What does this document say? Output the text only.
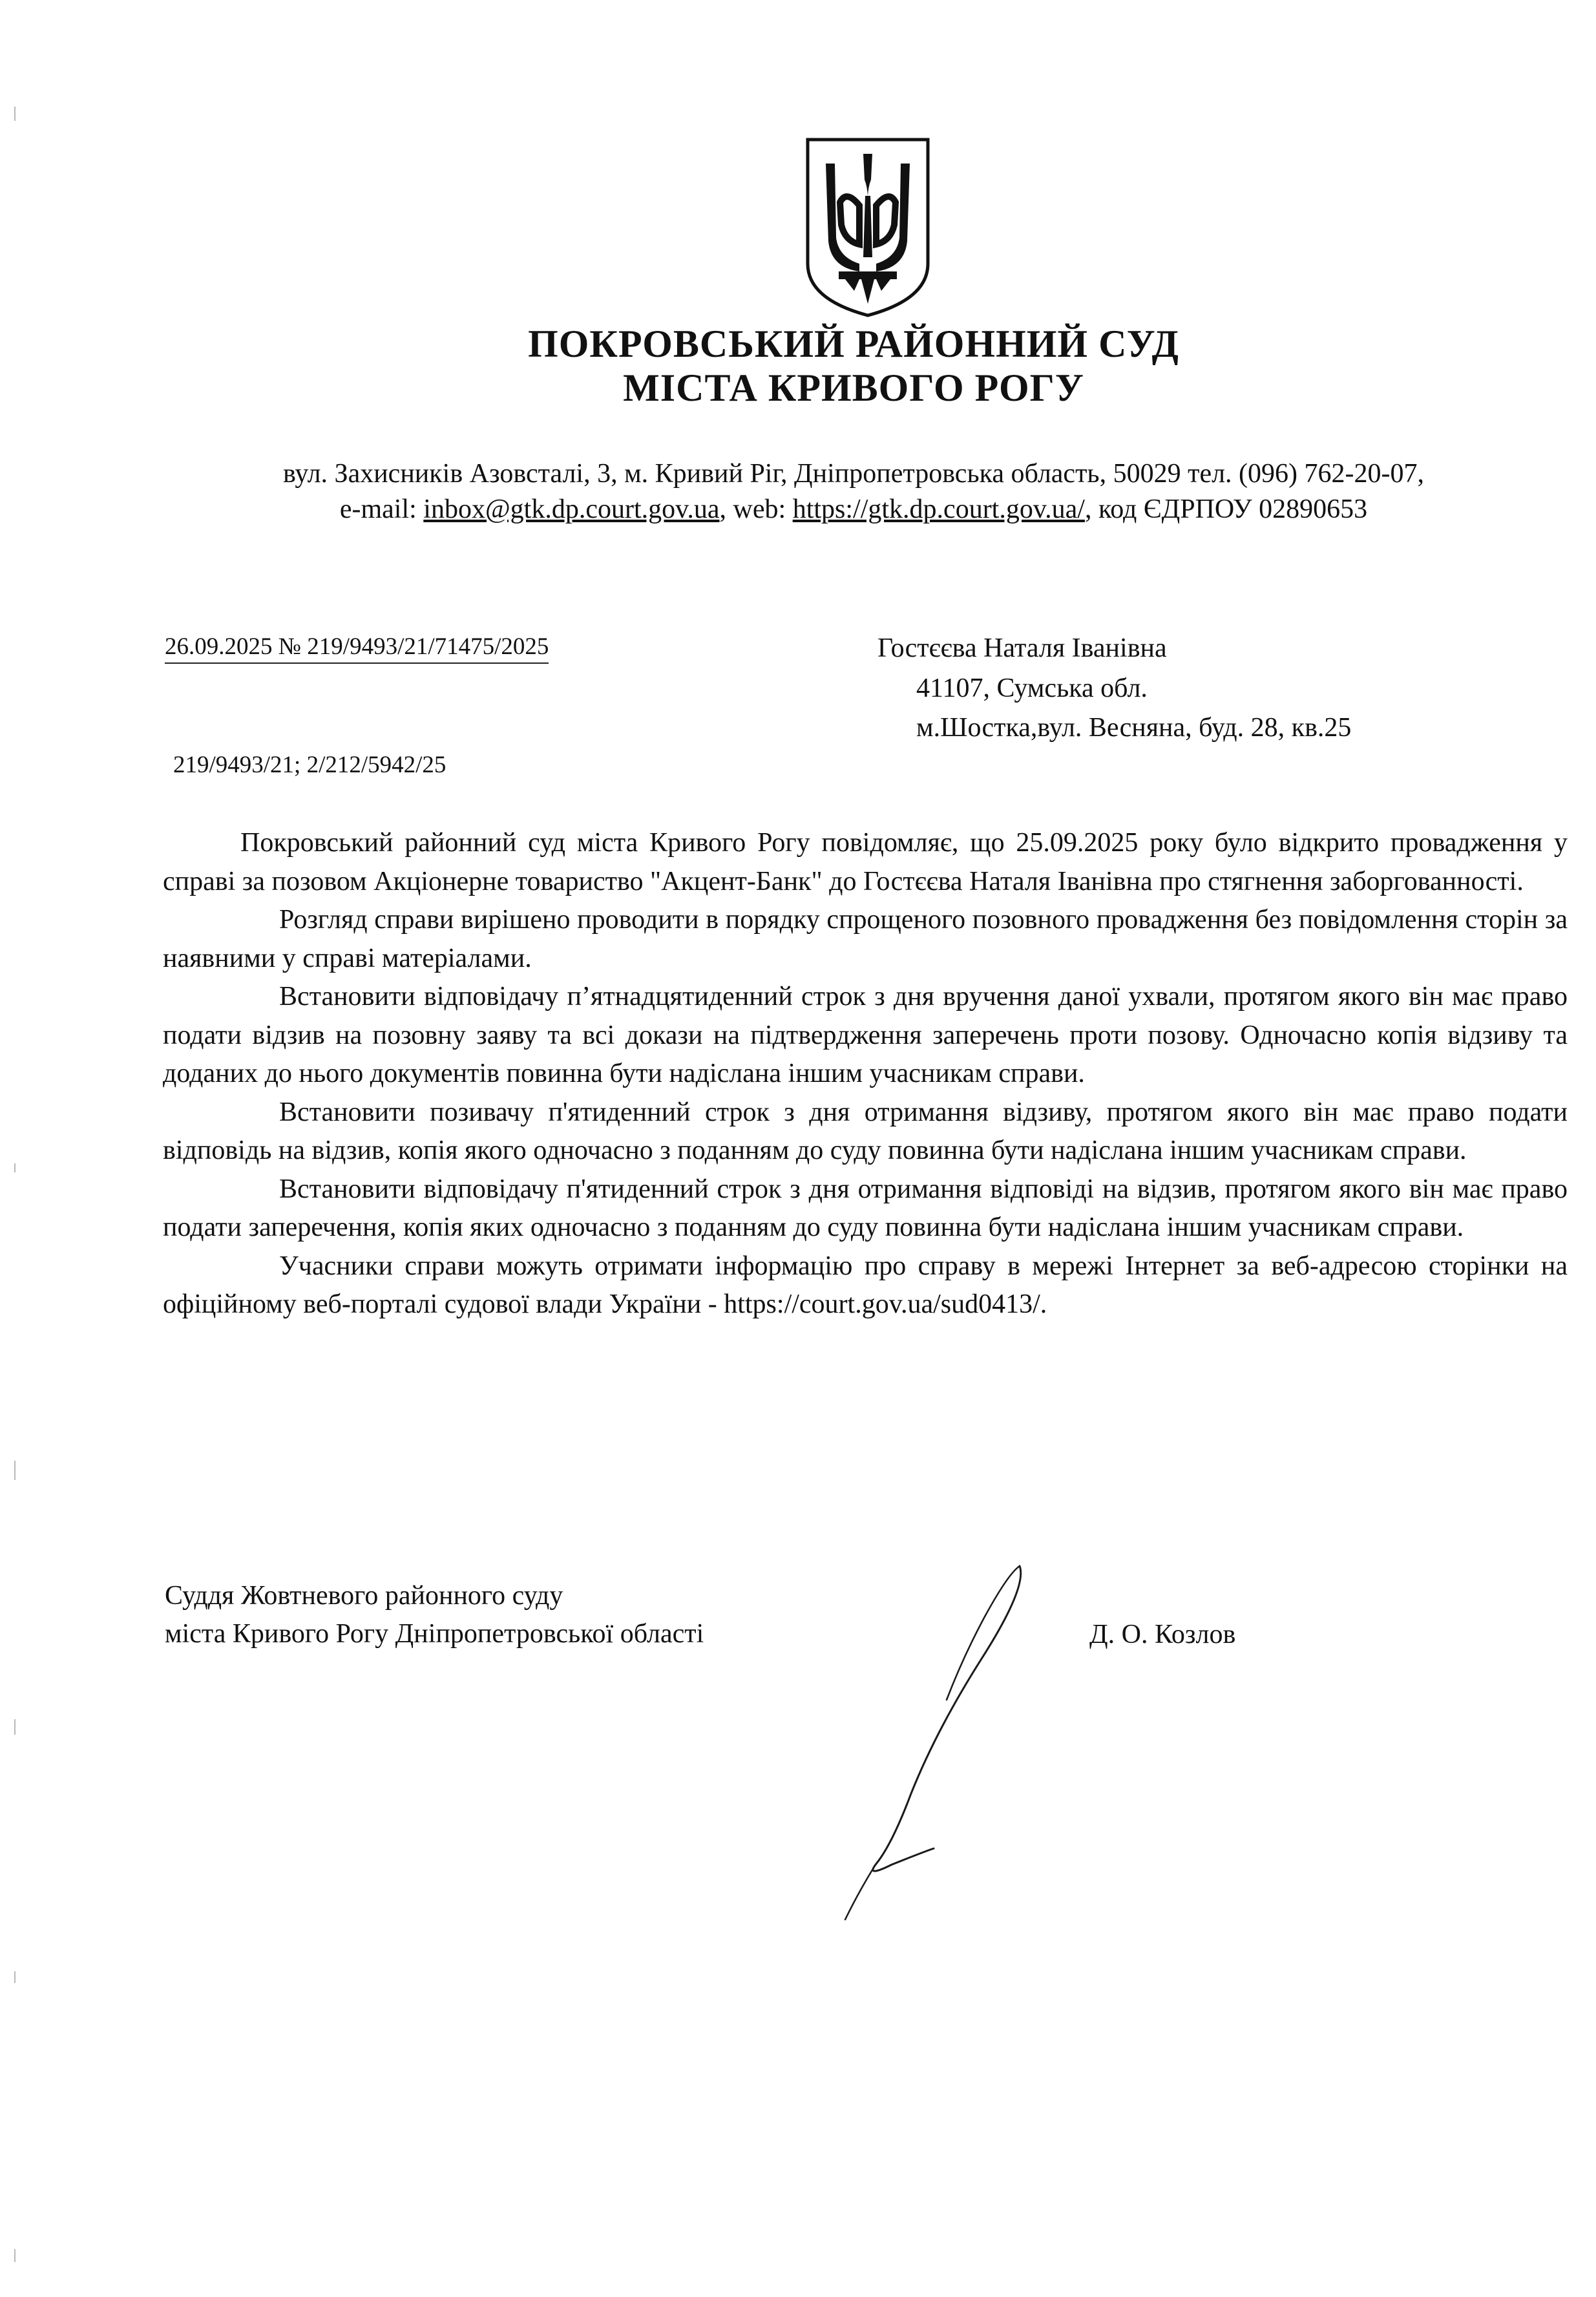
ПОКРОВСЬКИЙ РАЙОННИЙ СУД
МІСТА КРИВОГО РОГУ
вул. Захисників Азовсталі, 3, м. Кривий Ріг, Дніпропетровська область, 50029 тел. (096) 762-20-07,
e-mail: inbox@gtk.dp.court.gov.ua, web: https://gtk.dp.court.gov.ua/, код ЄДРПОУ 02890653
26.09.2025 № 219/9493/21/71475/2025
219/9493/21; 2/212/5942/25
Гостєєва Наталя Іванівна
41107, Сумська обл.
м.Шостка,вул. Весняна, буд. 28, кв.25

Покровський районний суд міста Кривого Рогу повідомляє, що 25.09.2025 року було відкрито провадження у справі за позовом Акціонерне товариство "Акцент-Банк" до Гостєєва Наталя Іванівна про стягнення заборгованності.

Розгляд справи вирішено проводити в порядку спрощеного позовного провадження без повідомлення сторін за наявними у справі матеріалами.

Встановити відповідачу п’ятнадцятиденний строк з дня вручення даної ухвали, протягом якого він має право подати відзив на позовну заяву та всі докази на підтвердження заперечень проти позову. Одночасно копія відзиву та доданих до нього документів повинна бути надіслана іншим учасникам справи.

Встановити позивачу п'ятиденний строк з дня отримання відзиву, протягом якого він має право подати відповідь на відзив, копія якого одночасно з поданням до суду повинна бути надіслана іншим учасникам справи.

Встановити відповідачу п'ятиденний строк з дня отримання відповіді на відзив, протягом якого він має право подати заперечення, копія яких одночасно з поданням до суду повинна бути надіслана іншим учасникам справи.

Учасники справи можуть отримати інформацію про справу в мережі Інтернет за веб-адресою сторінки на офіційному веб-порталі судової влади України - https://court.gov.ua/sud0413/.

Суддя Жовтневого районного суду
міста Кривого Рогу Дніпропетровської області	Д. О. Козлов
